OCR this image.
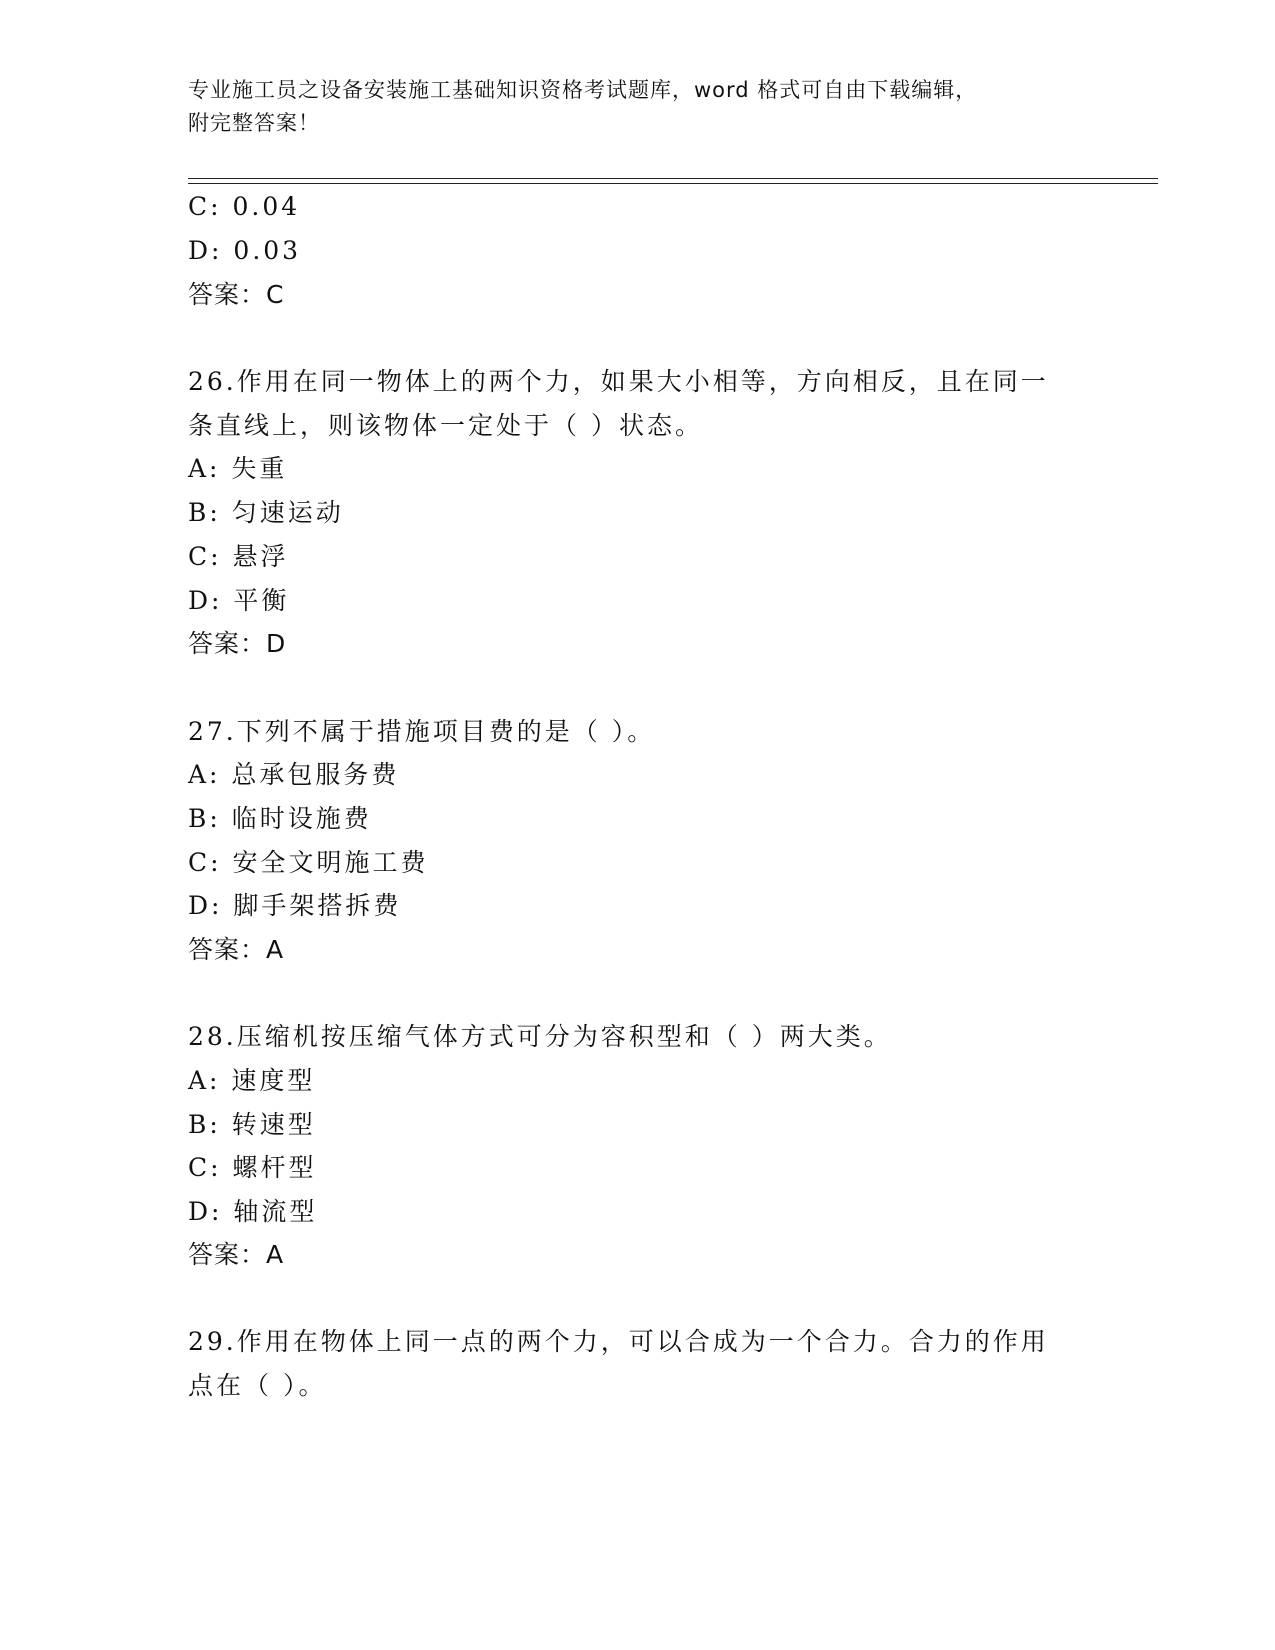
专业施工员之设备安装施工基础知识资格考试题库，word 格式可自由下载编辑，
附完整答案！
C: 0.04
D: 0.03
答案：C
26.作用在同一物体上的两个力，如果大小相等，方向相反，且在同一
条直线上，则该物体一定处于（ ）状态。
A: 失重
B: 匀速运动
C: 悬浮
D: 平衡
答案：D
27.下列不属于措施项目费的是（ ）。
A: 总承包服务费
B: 临时设施费
C: 安全文明施工费
D: 脚手架搭拆费
答案：A
28.压缩机按压缩气体方式可分为容积型和（ ）两大类。
A: 速度型
B: 转速型
C: 螺杆型
D: 轴流型
答案：A
29.作用在物体上同一点的两个力，可以合成为一个合力。合力的作用
点在（ ）。
